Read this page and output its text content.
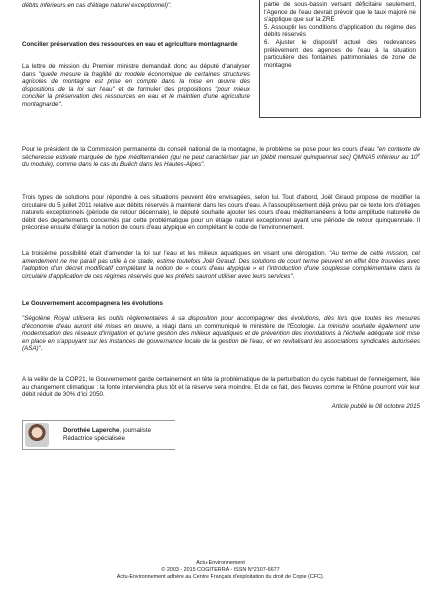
débits inférieurs en cas d'étiage naturel exceptionnel)".	partie de sous-bassin versant déficitaire seulement, l'Agence de l'eau devrait prévoir que le taux majoré ne s'applique que sur la ZRE

5. Assouplir les conditions d'application du régime des débits réservés

6. Ajuster le dispositif actuel des redevances prélèvement des agences de l'eau à la situation particulière des fontaines patrimoniales de zone de montagne

Concilier préservation des ressources en eau et agriculture montagnarde

La lettre de mission du Premier ministre demandait donc au député d'analyser dans "quelle mesure la fragilité du modèle économique de certaines structures agricoles de montagne est prise en compte dans la mise en œuvre des dispositions de la loi sur l'eau" et de formuler des propositions "pour mieux concilier la préservation des ressources en eau et le maintien d'une agriculture montagnarde".

Pour le président de la Commission permanente du conseil national de la montagne, le problème se pose pour les cours d'eau "en contexte de sécheresse estivale marquée de type méditerranéen (qui ne peut caractériser par un [débit mensuel quinquennal sec] QMNA5 inférieur au 10e du module), comme dans le cas du Buëch dans les Hautes-Alpes".

Trois types de solutions pour répondre à ces situations peuvent être envisagées, selon lui. Tout d'abord, Joël Giraud propose de modifier la circulaire du 5 juillet 2011 relative aux débits réservés à maintenir dans les cours d'eau. A l'assouplissement déjà prévu par ce texte lors d'étiages naturels exceptionnels (période de retour décennale), le député souhaite ajouter les cours d'eau méditerranéens à forte amplitude naturelle de débit des departements concernés par cette problématique pour un étiage naturel exceptionnel ayant une période de retour quinquennale. Il préconise ensuite d'élargir la notion de cours d'eau atypique en complétant le code de l'environnement.

La troisième possibilité était d'amender la loi sur l'eau et les milieux aquatiques en visant une dérogation. "Au terme de cette mission, cet amendement ne me paraît pas utile à ce stade, estime toutefois Joël Giraud. Des solutions de court terme peuvent en effet être trouvées avec l'adoption d'un décret modificatif complétant la notion de « cours d'eau atypique » et l'introduction d'une souplesse complémentaire dans la circulaire d'application de ces régimes réservés que les préfets sauront utiliser avec leurs services".

Le Gouvernement accompagnera les évolutions

"Ségolène Royal utilisera les outils réglementaires à sa disposition pour accompagner des évolutions, dès lors que toutes les mesures d'économie d'eau auront été mises en œuvre, a réagi dans un communiqué le ministère de l'Ecologie. La ministre souhaite également une modernisation des réseaux d'irrigation et qu'une gestion des milieux aquatiques et de prévention des inondations à l'échelle adéquate soit mise en place en s'appuyant sur les instances de gouvernance locale de la gestion de l'eau, et en revitalisant les associations syndicales autorisées (ASA)".

A la veille de la COP21, le Gouvernement garde certainement en tête la problématique de la perturbation du cycle habituel de l'enneigement, liée au changement climatique : la fonte interviendra plus tôt et la réserve sera moindre. Et de ce fait, des fleuves comme le Rhône pourront voir leur débit réduit de 30% d'ici 2050.

Article publié le 08 octobre 2015
Dorothée Laperche, journaliste
Rédactrice spécialisée
Actu-Environnement
© 2003 - 2015 COGITERRA - ISSN N°2107-6677
Actu-Environnement adhère au Centre Français d'exploitation du droit de Copie (CFC).
